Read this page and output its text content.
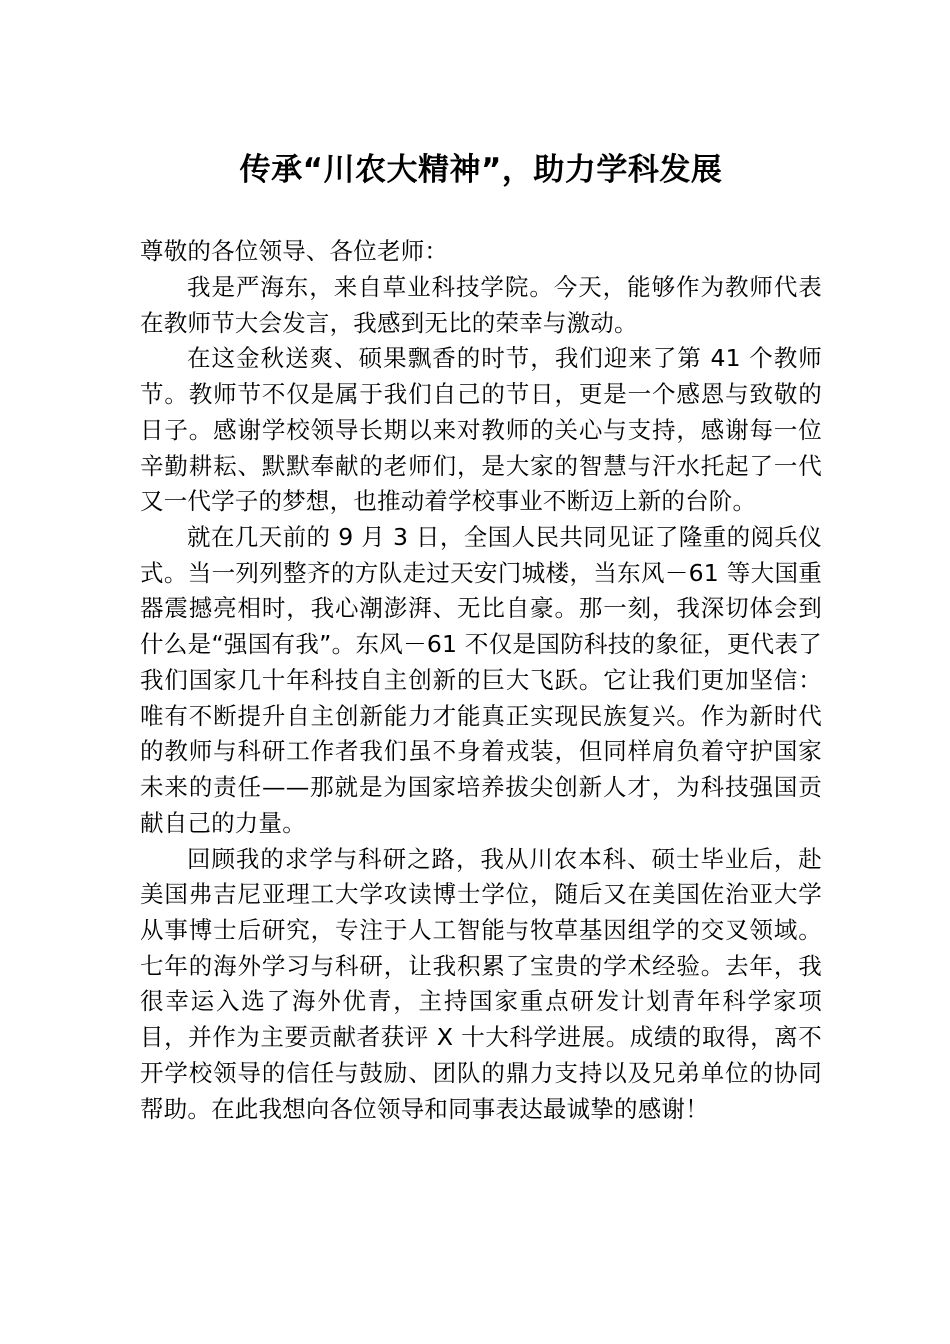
传承“川农大精神”，助力学科发展

尊敬的各位领导、各位老师：

我是严海东，来自草业科技学院。今天，能够作为教师代表在教师节大会发言，我感到无比的荣幸与激动。

在这金秋送爽、硕果飘香的时节，我们迎来了第 41 个教师节。教师节不仅是属于我们自己的节日，更是一个感恩与致敬的日子。感谢学校领导长期以来对教师的关心与支持，感谢每一位辛勤耕耘、默默奉献的老师们，是大家的智慧与汗水托起了一代又一代学子的梦想，也推动着学校事业不断迈上新的台阶。

就在几天前的 9 月 3 日，全国人民共同见证了隆重的阅兵仪式。当一列列整齐的方队走过天安门城楼，当东风－61 等大国重器震撼亮相时，我心潮澎湃、无比自豪。那一刻，我深切体会到什么是“强国有我”。东风－61 不仅是国防科技的象征，更代表了我们国家几十年科技自主创新的巨大飞跃。它让我们更加坚信：唯有不断提升自主创新能力才能真正实现民族复兴。作为新时代的教师与科研工作者我们虽不身着戎装，但同样肩负着守护国家未来的责任——那就是为国家培养拔尖创新人才，为科技强国贡献自己的力量。

回顾我的求学与科研之路，我从川农本科、硕士毕业后，赴美国弗吉尼亚理工大学攻读博士学位，随后又在美国佐治亚大学从事博士后研究，专注于人工智能与牧草基因组学的交叉领域。七年的海外学习与科研，让我积累了宝贵的学术经验。去年，我很幸运入选了海外优青，主持国家重点研发计划青年科学家项目，并作为主要贡献者获评 X 十大科学进展。成绩的取得，离不开学校领导的信任与鼓励、团队的鼎力支持以及兄弟单位的协同帮助。在此我想向各位领导和同事表达最诚挚的感谢！
